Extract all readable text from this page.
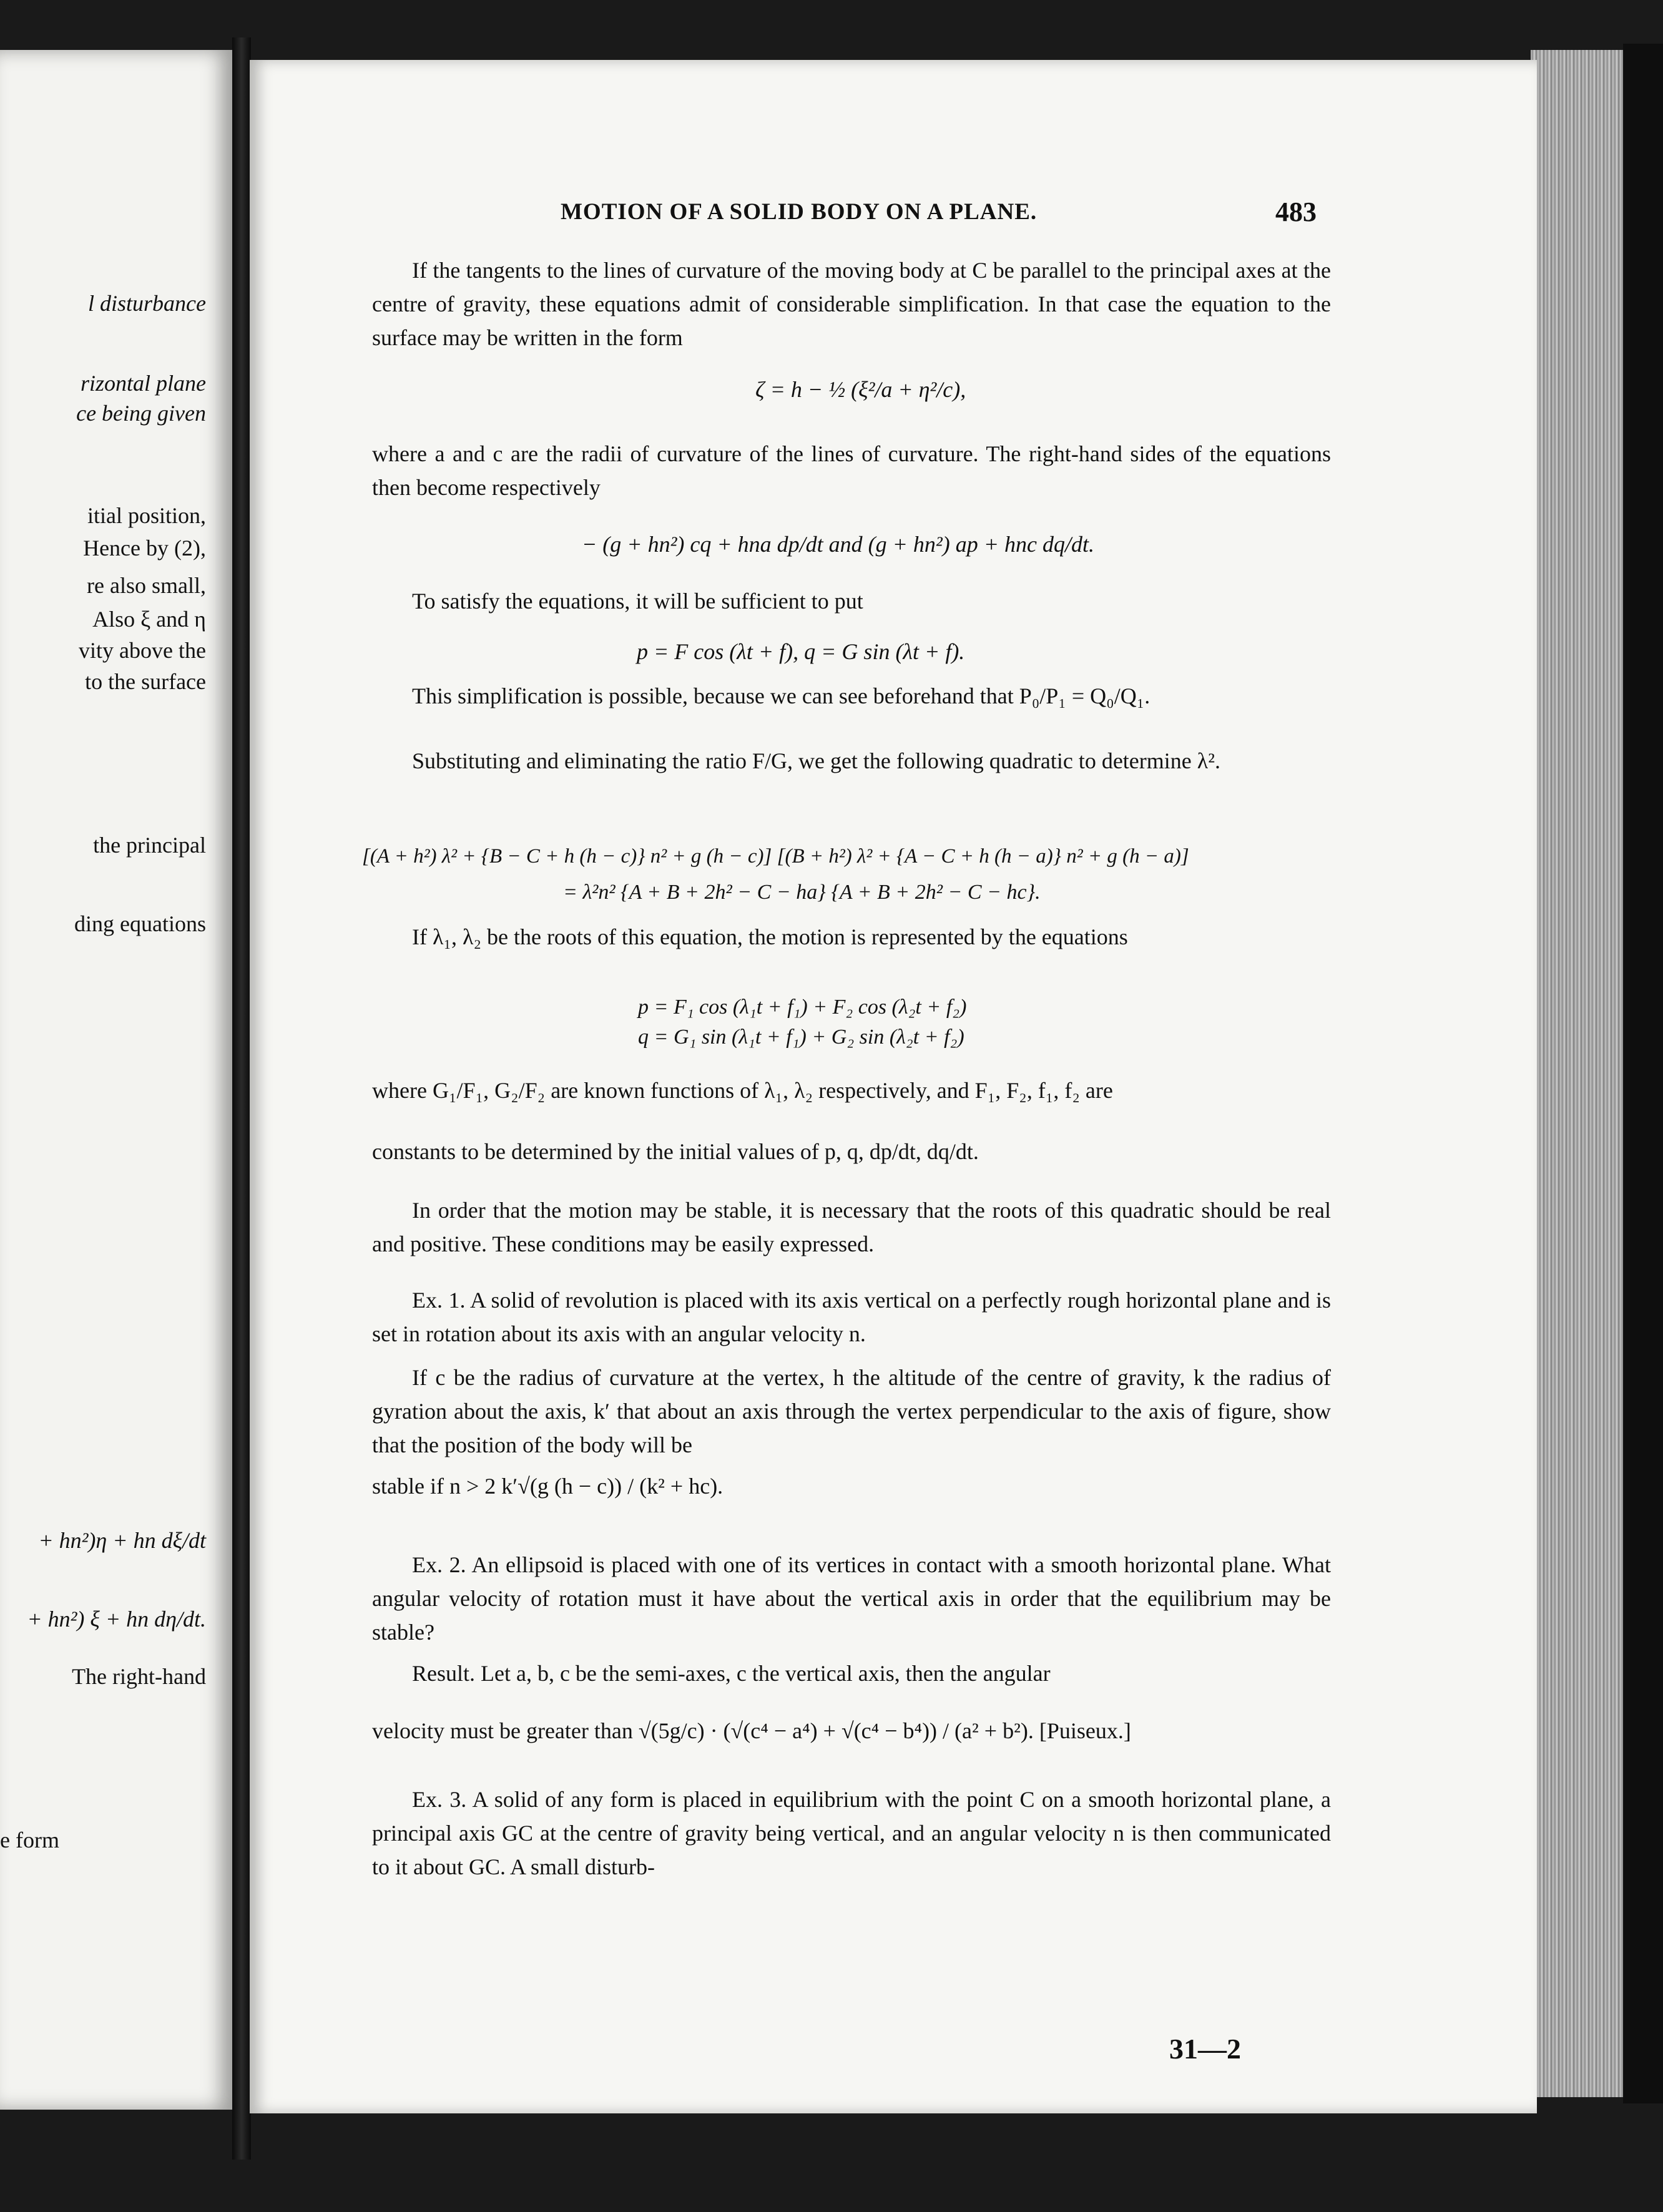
l disturbance
rizontal plane
ce being given
itial position,
Hence by (2),
re also small,
Also ξ and η
vity above the
to the surface
the principal
ding equations
+ hn²)η + hn dξ/dt
+ hn²) ξ + hn dη/dt.
The right-hand
e form
MOTION OF A SOLID BODY ON A PLANE.	483
If the tangents to the lines of curvature of the moving body at C be parallel to the principal axes at the centre of gravity, these equations admit of considerable simplification. In that case the equation to the surface may be written in the form
ζ = h − ½ (ξ²/a + η²/c),
where a and c are the radii of curvature of the lines of curvature. The right-hand sides of the equations then become respectively
− (g + hn²) cq + hna dp/dt and (g + hn²) ap + hnc dq/dt.
To satisfy the equations, it will be sufficient to put
p = F cos (λt + f), q = G sin (λt + f).
This simplification is possible, because we can see beforehand that P₀/P₁ = Q₀/Q₁.
Substituting and eliminating the ratio F/G, we get the following quadratic to determine λ².
[(A + h²) λ² + {B − C + h (h − c)} n² + g (h − c)] [(B + h²) λ² + {A − C + h (h − a)} n² + g (h − a)]
= λ²n² {A + B + 2h² − C − ha} {A + B + 2h² − C − hc}.
If λ₁, λ₂ be the roots of this equation, the motion is represented by the equations
p = F₁ cos (λ₁t + f₁) + F₂ cos (λ₂t + f₂)
q = G₁ sin (λ₁t + f₁) + G₂ sin (λ₂t + f₂)
where G₁/F₁, G₂/F₂ are known functions of λ₁, λ₂ respectively, and F₁, F₂, f₁, f₂ are
constants to be determined by the initial values of p, q, dp/dt, dq/dt.
In order that the motion may be stable, it is necessary that the roots of this quadratic should be real and positive. These conditions may be easily expressed.
Ex. 1. A solid of revolution is placed with its axis vertical on a perfectly rough horizontal plane and is set in rotation about its axis with an angular velocity n.
If c be the radius of curvature at the vertex, h the altitude of the centre of gravity, k the radius of gyration about the axis, k′ that about an axis through the vertex perpendicular to the axis of figure, show that the position of the body will be
stable if n > 2 k′√(g (h − c)) / (k² + hc).
Ex. 2. An ellipsoid is placed with one of its vertices in contact with a smooth horizontal plane. What angular velocity of rotation must it have about the vertical axis in order that the equilibrium may be stable?
Result. Let a, b, c be the semi-axes, c the vertical axis, then the angular
velocity must be greater than √(5g/c) · (√(c⁴ − a⁴) + √(c⁴ − b⁴)) / (a² + b²). [Puiseux.]
Ex. 3. A solid of any form is placed in equilibrium with the point C on a smooth horizontal plane, a principal axis GC at the centre of gravity being vertical, and an angular velocity n is then communicated to it about GC. A small disturb-
31—2
